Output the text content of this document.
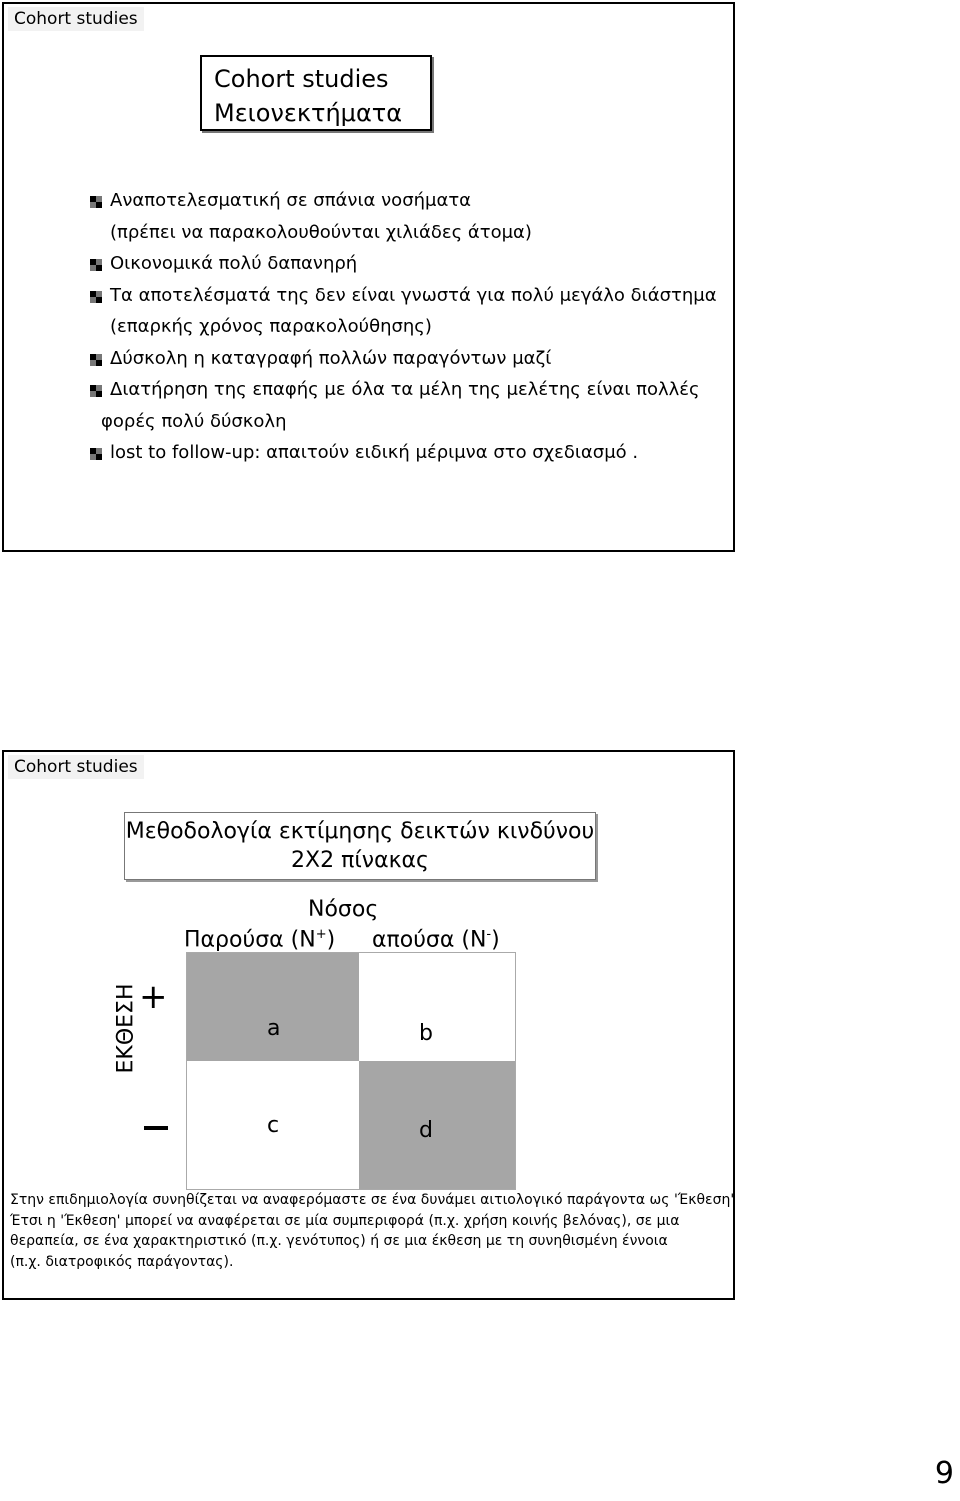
Cohort studies
Cohort studies
Μειονεκτήματα
Αναποτελεσματική σε σπάνια νοσήματα
(πρέπει να παρακολουθούνται χιλιάδες άτομα)
Οικονομικά πολύ δαπανηρή
Τα αποτελέσματά της δεν είναι γνωστά για πολύ μεγάλο διάστημα
(επαρκής χρόνος παρακολούθησης)
Δύσκολη η καταγραφή πολλών παραγόντων μαζί
Διατήρηση της επαφής με όλα τα μέλη της μελέτης είναι πολλές
φορές πολύ δύσκολη
lost to follow-up: απαιτούν ειδική μέριμνα στο σχεδιασμό .
Cohort studies
Μεθοδολογία εκτίμησης δεικτών κινδύνου
2Χ2 πίνακας
Νόσος
Παρούσα (N+) απούσα (N-)
ΕΚΘΕΣΗ +
a	b
c	d
Στην επιδημιολογία συνηθίζεται να αναφερόμαστε σε ένα δυνάμει αιτιολογικό παράγοντα ως 'Έκθεση'
Έτσι η 'Έκθεση' μπορεί να αναφέρεται σε μία συμπεριφορά (π.χ. χρήση κοινής βελόνας), σε μια
θεραπεία, σε ένα χαρακτηριστικό (π.χ. γενότυπος) ή σε μια έκθεση με τη συνηθισμένη έννοια
(π.χ. διατροφικός παράγοντας).
9
